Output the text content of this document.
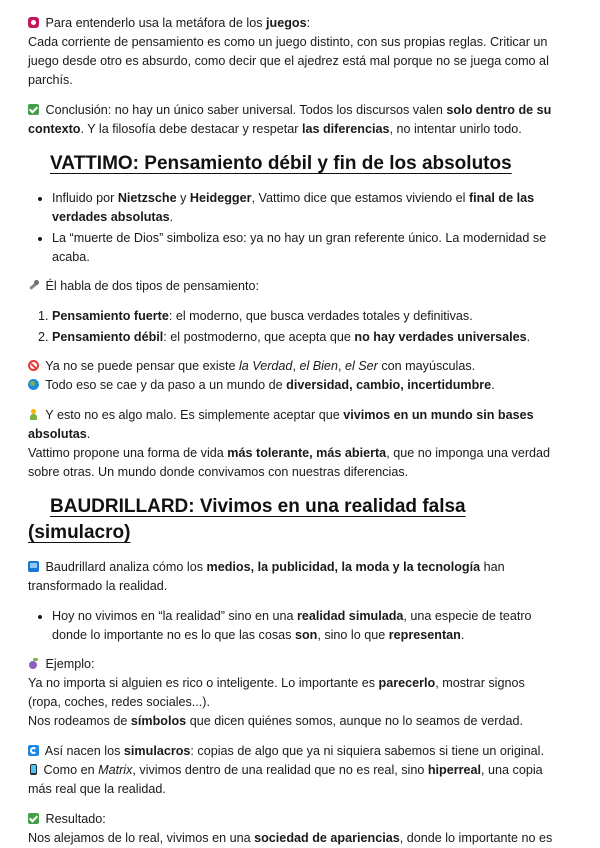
Para entenderlo usa la metáfora de los juegos:

Cada corriente de pensamiento es como un juego distinto, con sus propias reglas. Criticar un juego desde otro es absurdo, como decir que el ajedrez está mal porque no se juega como al parchís.

Conclusión: no hay un único saber universal. Todos los discursos valen solo dentro de su contexto. Y la filosofía debe destacar y respetar las diferencias, no intentar unirlo todo.

VATTIMO: Pensamiento débil y fin de los absolutos
• Influido por Nietzsche y Heidegger, Vattimo dice que estamos viviendo el final de las verdades absolutas.
• La “muerte de Dios” simboliza eso: ya no hay un gran referente único. La modernidad se acaba.

Él habla de dos tipos de pensamiento:

1. Pensamiento fuerte: el moderno, que busca verdades totales y definitivas.
2. Pensamiento débil: el postmoderno, que acepta que no hay verdades universales.

Ya no se puede pensar que existe la Verdad, el Bien, el Ser con mayúsculas.

Todo eso se cae y da paso a un mundo de diversidad, cambio, incertidumbre.

Y esto no es algo malo. Es simplemente aceptar que vivimos en un mundo sin bases absolutas.

Vattimo propone una forma de vida más tolerante, más abierta, que no imponga una verdad sobre otras. Un mundo donde convivamos con nuestras diferencias.

BAUDRILLARD: Vivimos en una realidad falsa (simulacro)

Baudrillard analiza cómo los medios, la publicidad, la moda y la tecnología han transformado la realidad.

• Hoy no vivimos en “la realidad” sino en una realidad simulada, una especie de teatro donde lo importante no es lo que las cosas son, sino lo que representan.

Ejemplo:

Ya no importa si alguien es rico o inteligente. Lo importante es parecerlo, mostrar signos (ropa, coches, redes sociales...).

Nos rodeamos de símbolos que dicen quiénes somos, aunque no lo seamos de verdad.

Así nacen los simulacros: copias de algo que ya ni siquiera sabemos si tiene un original.

Como en Matrix, vivimos dentro de una realidad que no es real, sino hiperreal, una copia más real que la realidad.

Resultado:

Nos alejamos de lo real, vivimos en una sociedad de apariencias, donde lo importante no es
